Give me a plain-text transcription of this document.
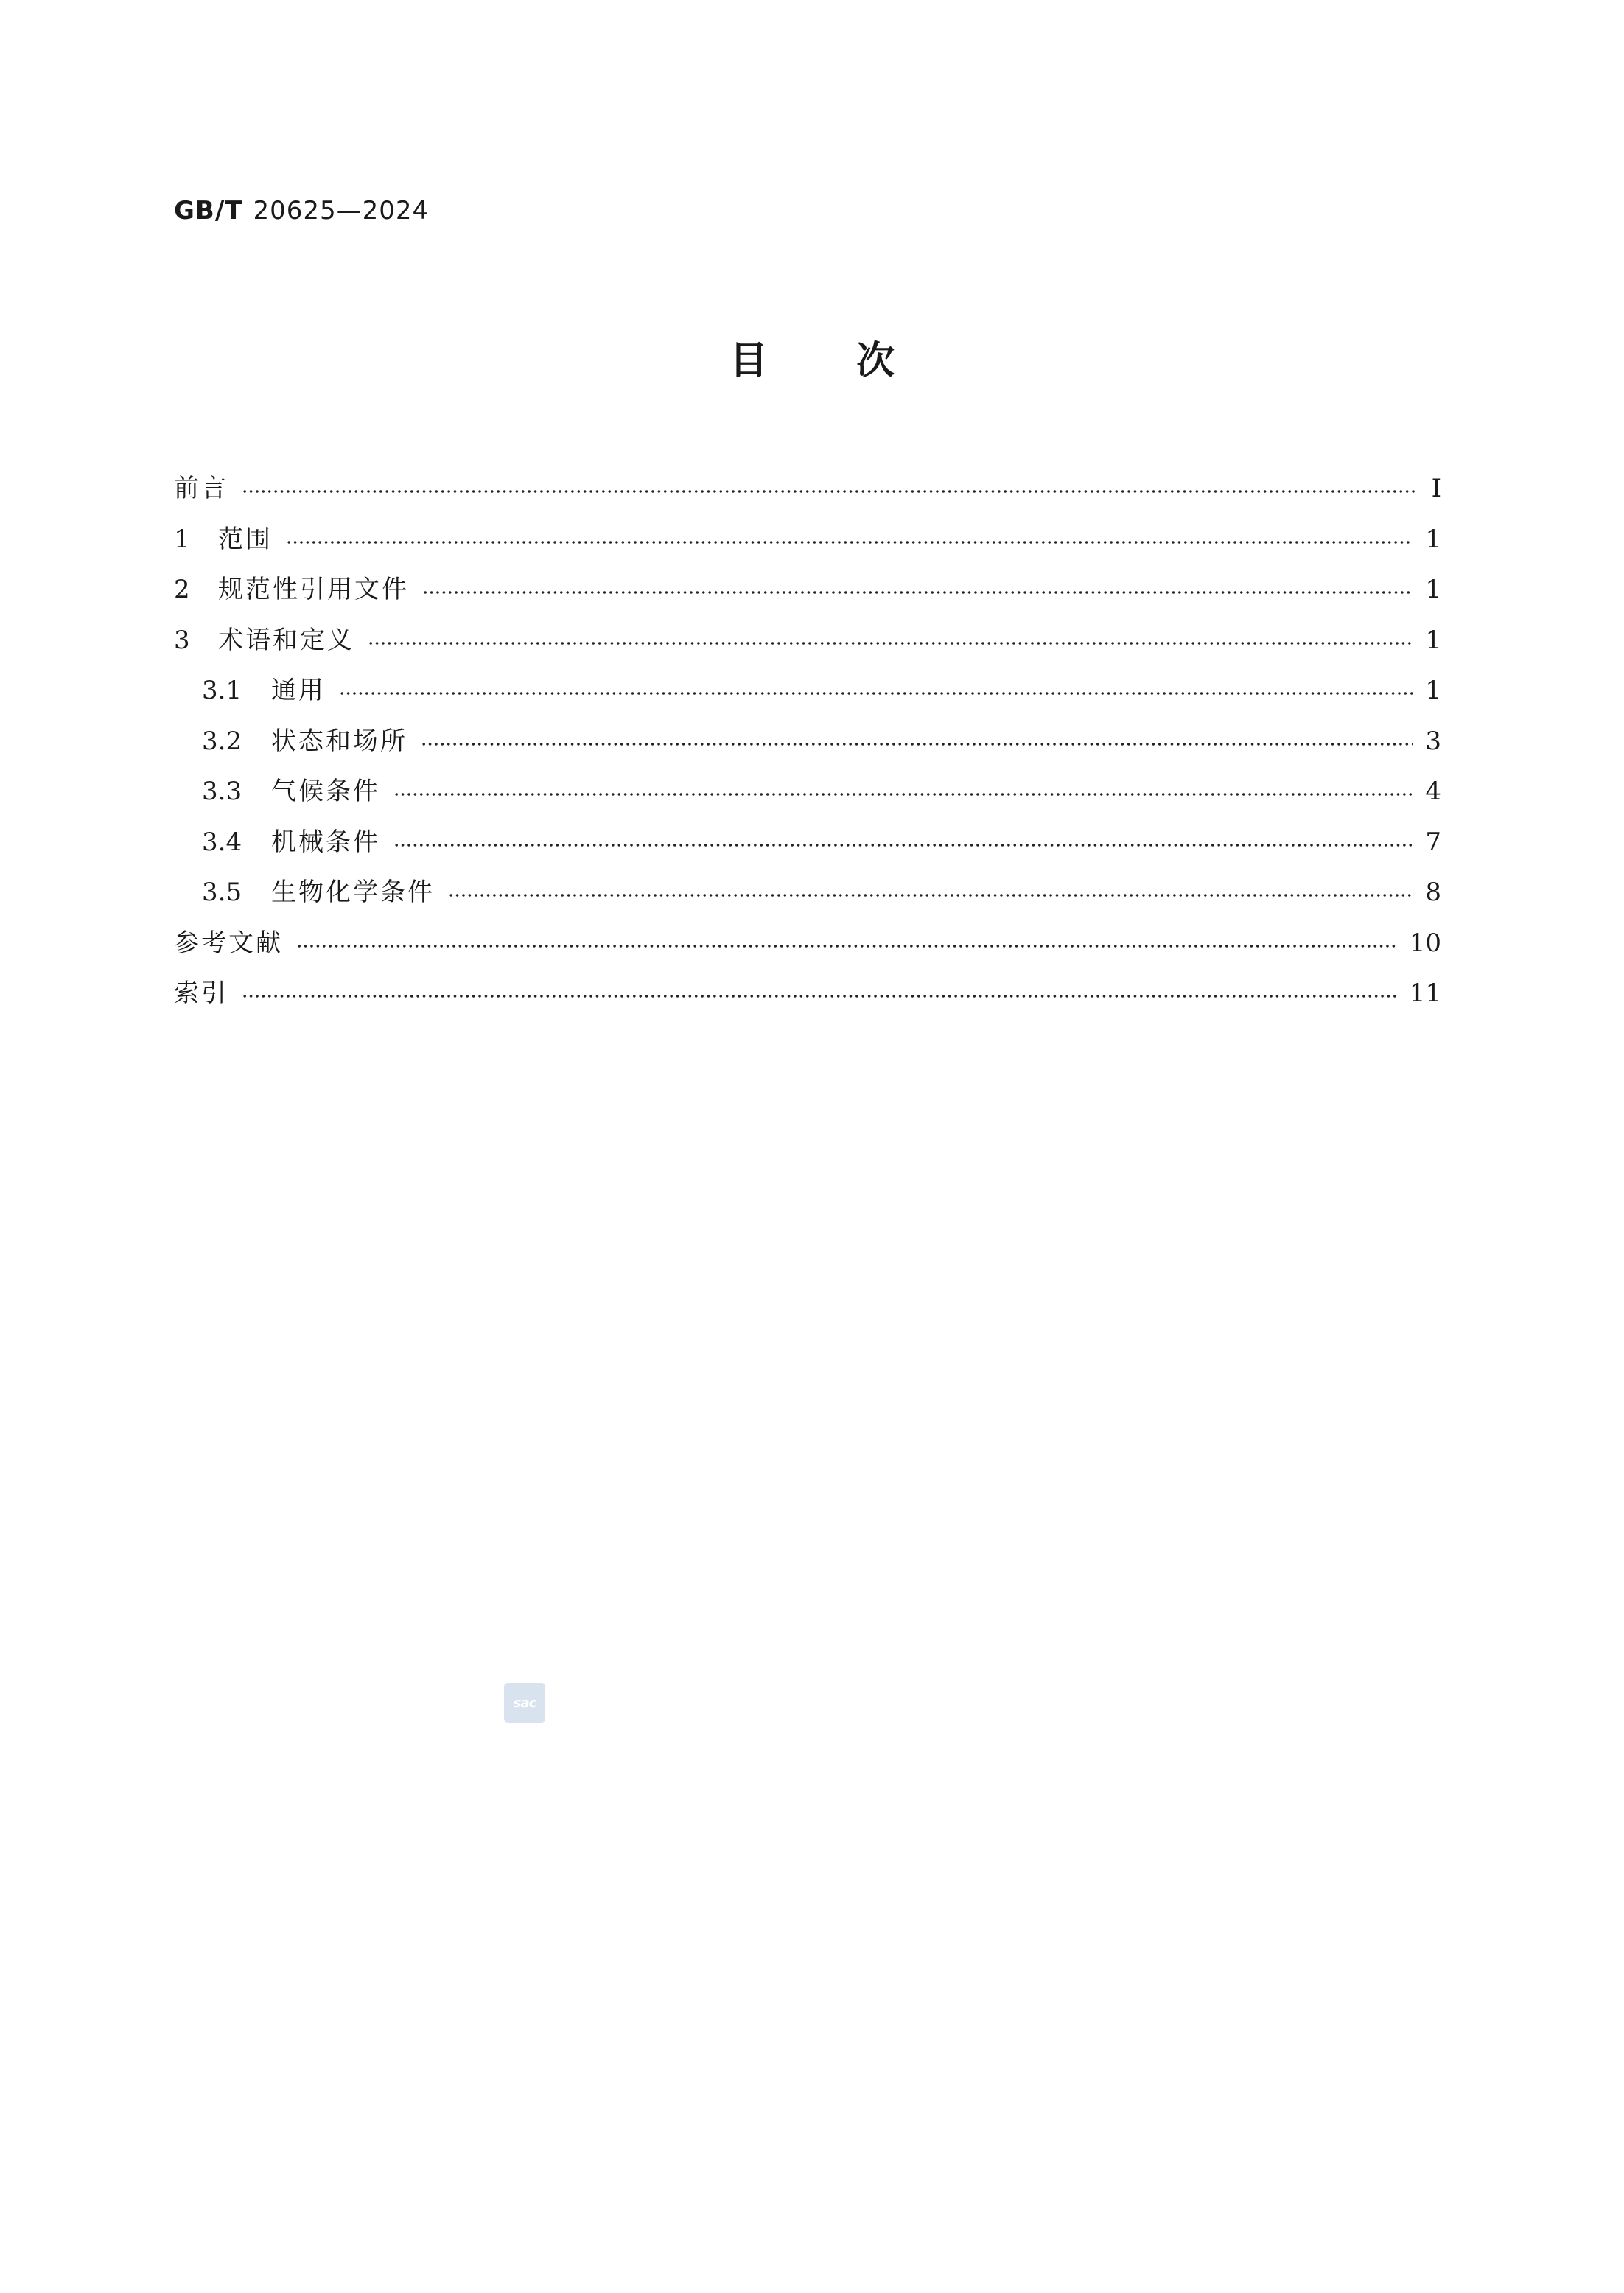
GB/T 20625—2024
目次
前言	Ⅰ
1 范围	1
2 规范性引用文件	1
3 术语和定义	1
3.1 通用	1
3.2 状态和场所	3
3.3 气候条件	4
3.4 机械条件	7
3.5 生物化学条件	8
参考文献	10
索引	11
sac
